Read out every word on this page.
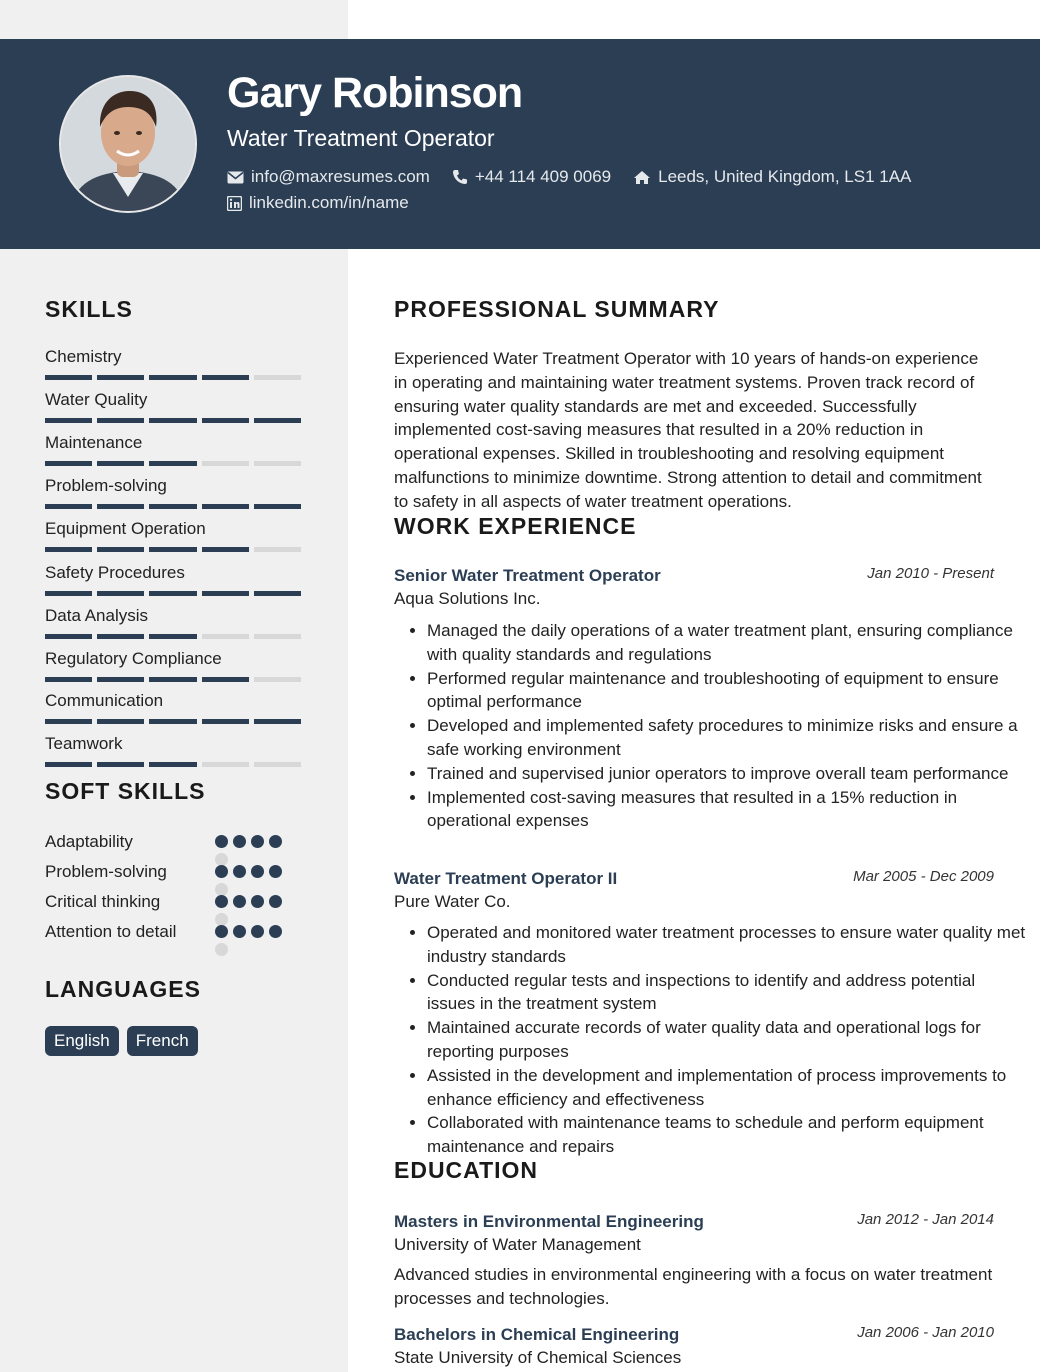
Gary Robinson
Water Treatment Operator
info@maxresumes.com	+44 114 409 0069	Leeds, United Kingdom, LS1 1AA
linkedin.com/in/name
SKILLS
Chemistry
Water Quality
Maintenance
Problem-solving
Equipment Operation
Safety Procedures
Data Analysis
Regulatory Compliance
Communication
Teamwork
SOFT SKILLS
Adaptability
Problem-solving
Critical thinking
Attention to detail
LANGUAGES
English	French
PROFESSIONAL SUMMARY
Experienced Water Treatment Operator with 10 years of hands-on experience in operating and maintaining water treatment systems. Proven track record of ensuring water quality standards are met and exceeded. Successfully implemented cost-saving measures that resulted in a 20% reduction in operational expenses. Skilled in troubleshooting and resolving equipment malfunctions to minimize downtime. Strong attention to detail and commitment to safety in all aspects of water treatment operations.
WORK EXPERIENCE
Senior Water Treatment Operator	Jan 2010 - Present
Aqua Solutions Inc.
• Managed the daily operations of a water treatment plant, ensuring compliance with quality standards and regulations
• Performed regular maintenance and troubleshooting of equipment to ensure optimal performance
• Developed and implemented safety procedures to minimize risks and ensure a safe working environment
• Trained and supervised junior operators to improve overall team performance
• Implemented cost-saving measures that resulted in a 15% reduction in operational expenses
Water Treatment Operator II	Mar 2005 - Dec 2009
Pure Water Co.
• Operated and monitored water treatment processes to ensure water quality met industry standards
• Conducted regular tests and inspections to identify and address potential issues in the treatment system
• Maintained accurate records of water quality data and operational logs for reporting purposes
• Assisted in the development and implementation of process improvements to enhance efficiency and effectiveness
• Collaborated with maintenance teams to schedule and perform equipment maintenance and repairs
EDUCATION
Masters in Environmental Engineering	Jan 2012 - Jan 2014
University of Water Management
Advanced studies in environmental engineering with a focus on water treatment processes and technologies.
Bachelors in Chemical Engineering	Jan 2006 - Jan 2010
State University of Chemical Sciences
